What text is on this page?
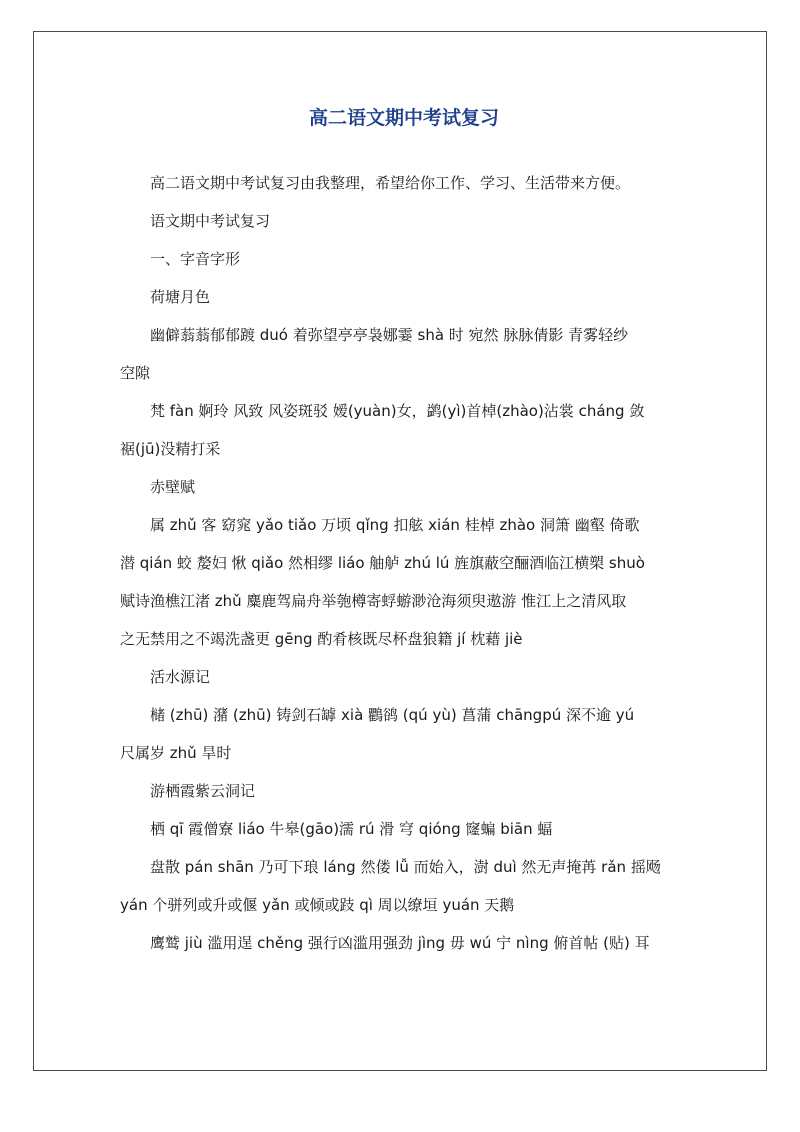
高二语文期中考试复习

高二语文期中考试复习由我整理，希望给你工作、学习、生活带来方便。

语文期中考试复习

一、字音字形

荷塘月色

幽僻蓊蓊郁郁踱 duó 着弥望亭亭袅娜霎 shà 时 宛然 脉脉倩影 青雾轻纱

空隙

梵 fàn 婀玲 风致 风姿斑驳 嫒(yuàn)女，鹢(yì)首棹(zhào)沾裳 cháng 敛

裾(jū)没精打采

赤壁赋

属 zhǔ 客 窈窕 yǎo tiǎo 万顷 qǐng 扣舷 xián 桂棹 zhào 洞箫 幽壑 倚歌

潜 qián 蛟 嫠妇 愀 qiǎo 然相缪 liáo 舳舻 zhú lú 旌旗蔽空酾酒临江横槊 shuò

赋诗渔樵江渚 zhǔ 麋鹿驾扁舟举匏樽寄蜉蝣渺沧海须臾遨游 惟江上之清风取

之无禁用之不竭洗盏更 gēng 酌肴核既尽杯盘狼籍 jí 枕藉 jiè

活水源记

槠 (zhū) 潴 (zhū) 铸剑石罅 xià 鸜鹆 (qú yù) 菖蒲 chāngpú 深不逾 yú

尺属岁 zhǔ 旱时

游栖霞紫云洞记

栖 qī 霞僧寮 liáo 牛皋(gāo)濡 rú 滑 穹 qióng 窿蝙 biān 蝠

盘散 pán shān 乃可下琅 láng 然偻 lǚ 而始入，澍 duì 然无声掩苒 rǎn 摇飏

yán 个骈列或升或偃 yǎn 或倾或跂 qì 周以缭垣 yuán 天鹅

鹰鹫 jiù 滥用逞 chěng 强行凶滥用强劲 jìng 毋 wú 宁 nìng 俯首帖 (贴) 耳
